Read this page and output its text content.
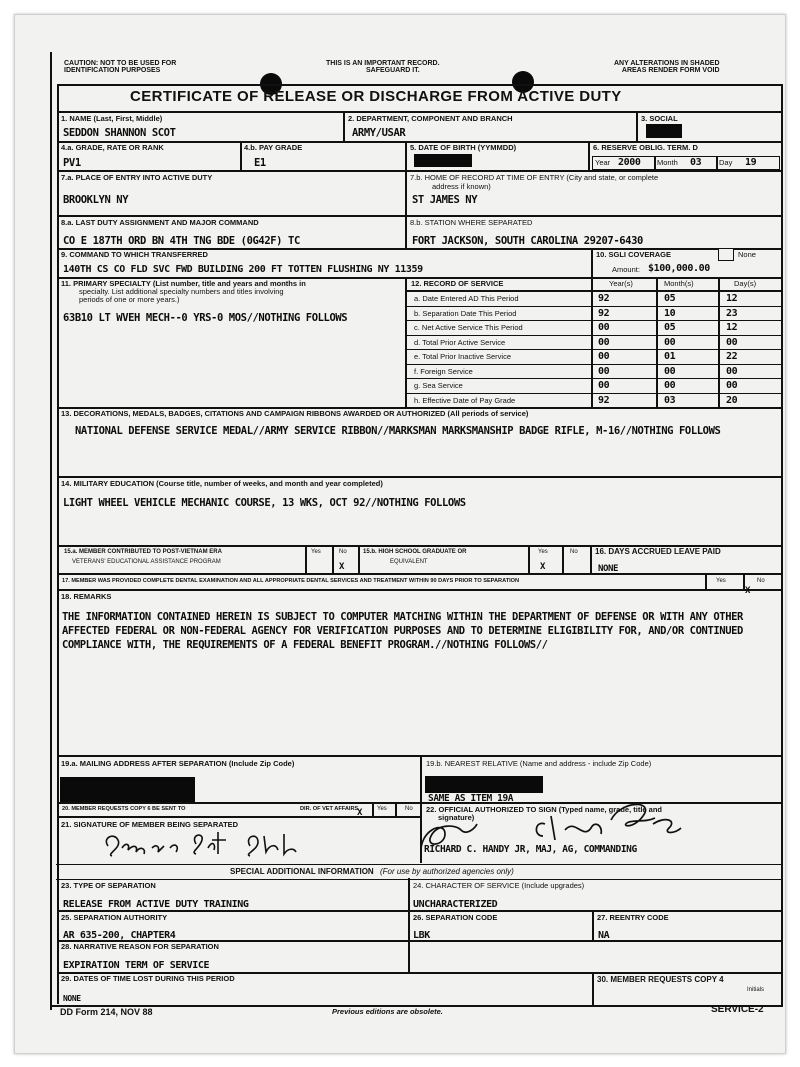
CAUTION: NOT TO BE USED FOR
IDENTIFICATION PURPOSES
THIS IS AN IMPORTANT RECORD.
SAFEGUARD IT.
ANY ALTERATIONS IN SHADED
AREAS RENDER FORM VOID
CERTIFICATE OF RELEASE OR DISCHARGE FROM ACTIVE DUTY
1. NAME (Last, First, Middle)
SEDDON SHANNON SCOT
2. DEPARTMENT, COMPONENT AND BRANCH
ARMY/USAR
3. SOCIAL
4.a. GRADE, RATE OR RANK
PV1
4.b. PAY GRADE
E1
5. DATE OF BIRTH (YYMMDD)	6. RESERVE OBLIG. TERM. D
Year 2000 Month 03 Day 19
7.a. PLACE OF ENTRY INTO ACTIVE DUTY
BROOKLYN NY
7.b. HOME OF RECORD AT TIME OF ENTRY (City and state, or complete
address if known)
ST JAMES NY
8.a. LAST DUTY ASSIGNMENT AND MAJOR COMMAND
CO E 187TH ORD BN 4TH TNG BDE (0G42F) TC
8.b. STATION WHERE SEPARATED
FORT JACKSON, SOUTH CAROLINA 29207-6430
9. COMMAND TO WHICH TRANSFERRED
140TH CS CO FLD SVC FWD BUILDING 200 FT TOTTEN FLUSHING NY 11359
10. SGLI COVERAGE	None
Amount: $100,000.00
11. PRIMARY SPECIALTY (List number, title and years and months in
specialty. List additional specialty numbers and titles involving
periods of one or more years.)
63B10 LT WVEH MECH--0 YRS-0 MOS//NOTHING FOLLOWS
12. RECORD OF SERVICE	Year(s)	Month(s)	Day(s)
a. Date Entered AD This Period	92	05	12
b. Separation Date This Period	92	10	23
c. Net Active Service This Period	00	05	12
d. Total Prior Active Service	00	00	00
e. Total Prior Inactive Service	00	01	22
f. Foreign Service	00	00	00
g. Sea Service	00	00	00
h. Effective Date of Pay Grade	92	03	20
13. DECORATIONS, MEDALS, BADGES, CITATIONS AND CAMPAIGN RIBBONS AWARDED OR AUTHORIZED (All periods of service)
NATIONAL DEFENSE SERVICE MEDAL//ARMY SERVICE RIBBON//MARKSMAN MARKSMANSHIP BADGE RIFLE, M-16//NOTHING FOLLOWS
14. MILITARY EDUCATION (Course title, number of weeks, and month and year completed)
LIGHT WHEEL VEHICLE MECHANIC COURSE, 13 WKS, OCT 92//NOTHING FOLLOWS
15.a. MEMBER CONTRIBUTED TO POST-VIETNAM ERA
VETERANS' EDUCATIONAL ASSISTANCE PROGRAM
Yes	No
X
15.b. HIGH SCHOOL GRADUATE OR
EQUIVALENT
Yes	No
X
16. DAYS ACCRUED LEAVE PAID
NONE
17. MEMBER WAS PROVIDED COMPLETE DENTAL EXAMINATION AND ALL APPROPRIATE DENTAL SERVICES AND TREATMENT WITHIN 90 DAYS PRIOR TO SEPARATION	Yes	No
X
18. REMARKS
THE INFORMATION CONTAINED HEREIN IS SUBJECT TO COMPUTER MATCHING WITHIN THE DEPARTMENT OF DEFENSE OR WITH ANY OTHER AFFECTED FEDERAL OR NON-FEDERAL AGENCY FOR VERIFICATION PURPOSES AND TO DETERMINE ELIGIBILITY FOR, AND/OR CONTINUED COMPLIANCE WITH, THE REQUIREMENTS OF A FEDERAL BENEFIT PROGRAM.//NOTHING FOLLOWS//
19.a. MAILING ADDRESS AFTER SEPARATION (Include Zip Code)	19.b. NEAREST RELATIVE (Name and address - include Zip Code)
SAME AS ITEM 19A
20. MEMBER REQUESTS COPY 6 BE SENT TO	DIR. OF VET AFFAIRS	Yes	No
X
21. SIGNATURE OF MEMBER BEING SEPARATED
22. OFFICIAL AUTHORIZED TO SIGN (Typed name, grade, title and
signature)
RICHARD C. HANDY JR, MAJ, AG, COMMANDING
SPECIAL ADDITIONAL INFORMATION (For use by authorized agencies only)
23. TYPE OF SEPARATION
RELEASE FROM ACTIVE DUTY TRAINING
24. CHARACTER OF SERVICE (Include upgrades)
UNCHARACTERIZED
25. SEPARATION AUTHORITY
AR 635-200, CHAPTER4
26. SEPARATION CODE
LBK
27. REENTRY CODE
NA
28. NARRATIVE REASON FOR SEPARATION
EXPIRATION TERM OF SERVICE
29. DATES OF TIME LOST DURING THIS PERIOD
NONE
30. MEMBER REQUESTS COPY 4
Initials
DD Form 214, NOV 88	Previous editions are obsolete.	SERVICE-2
